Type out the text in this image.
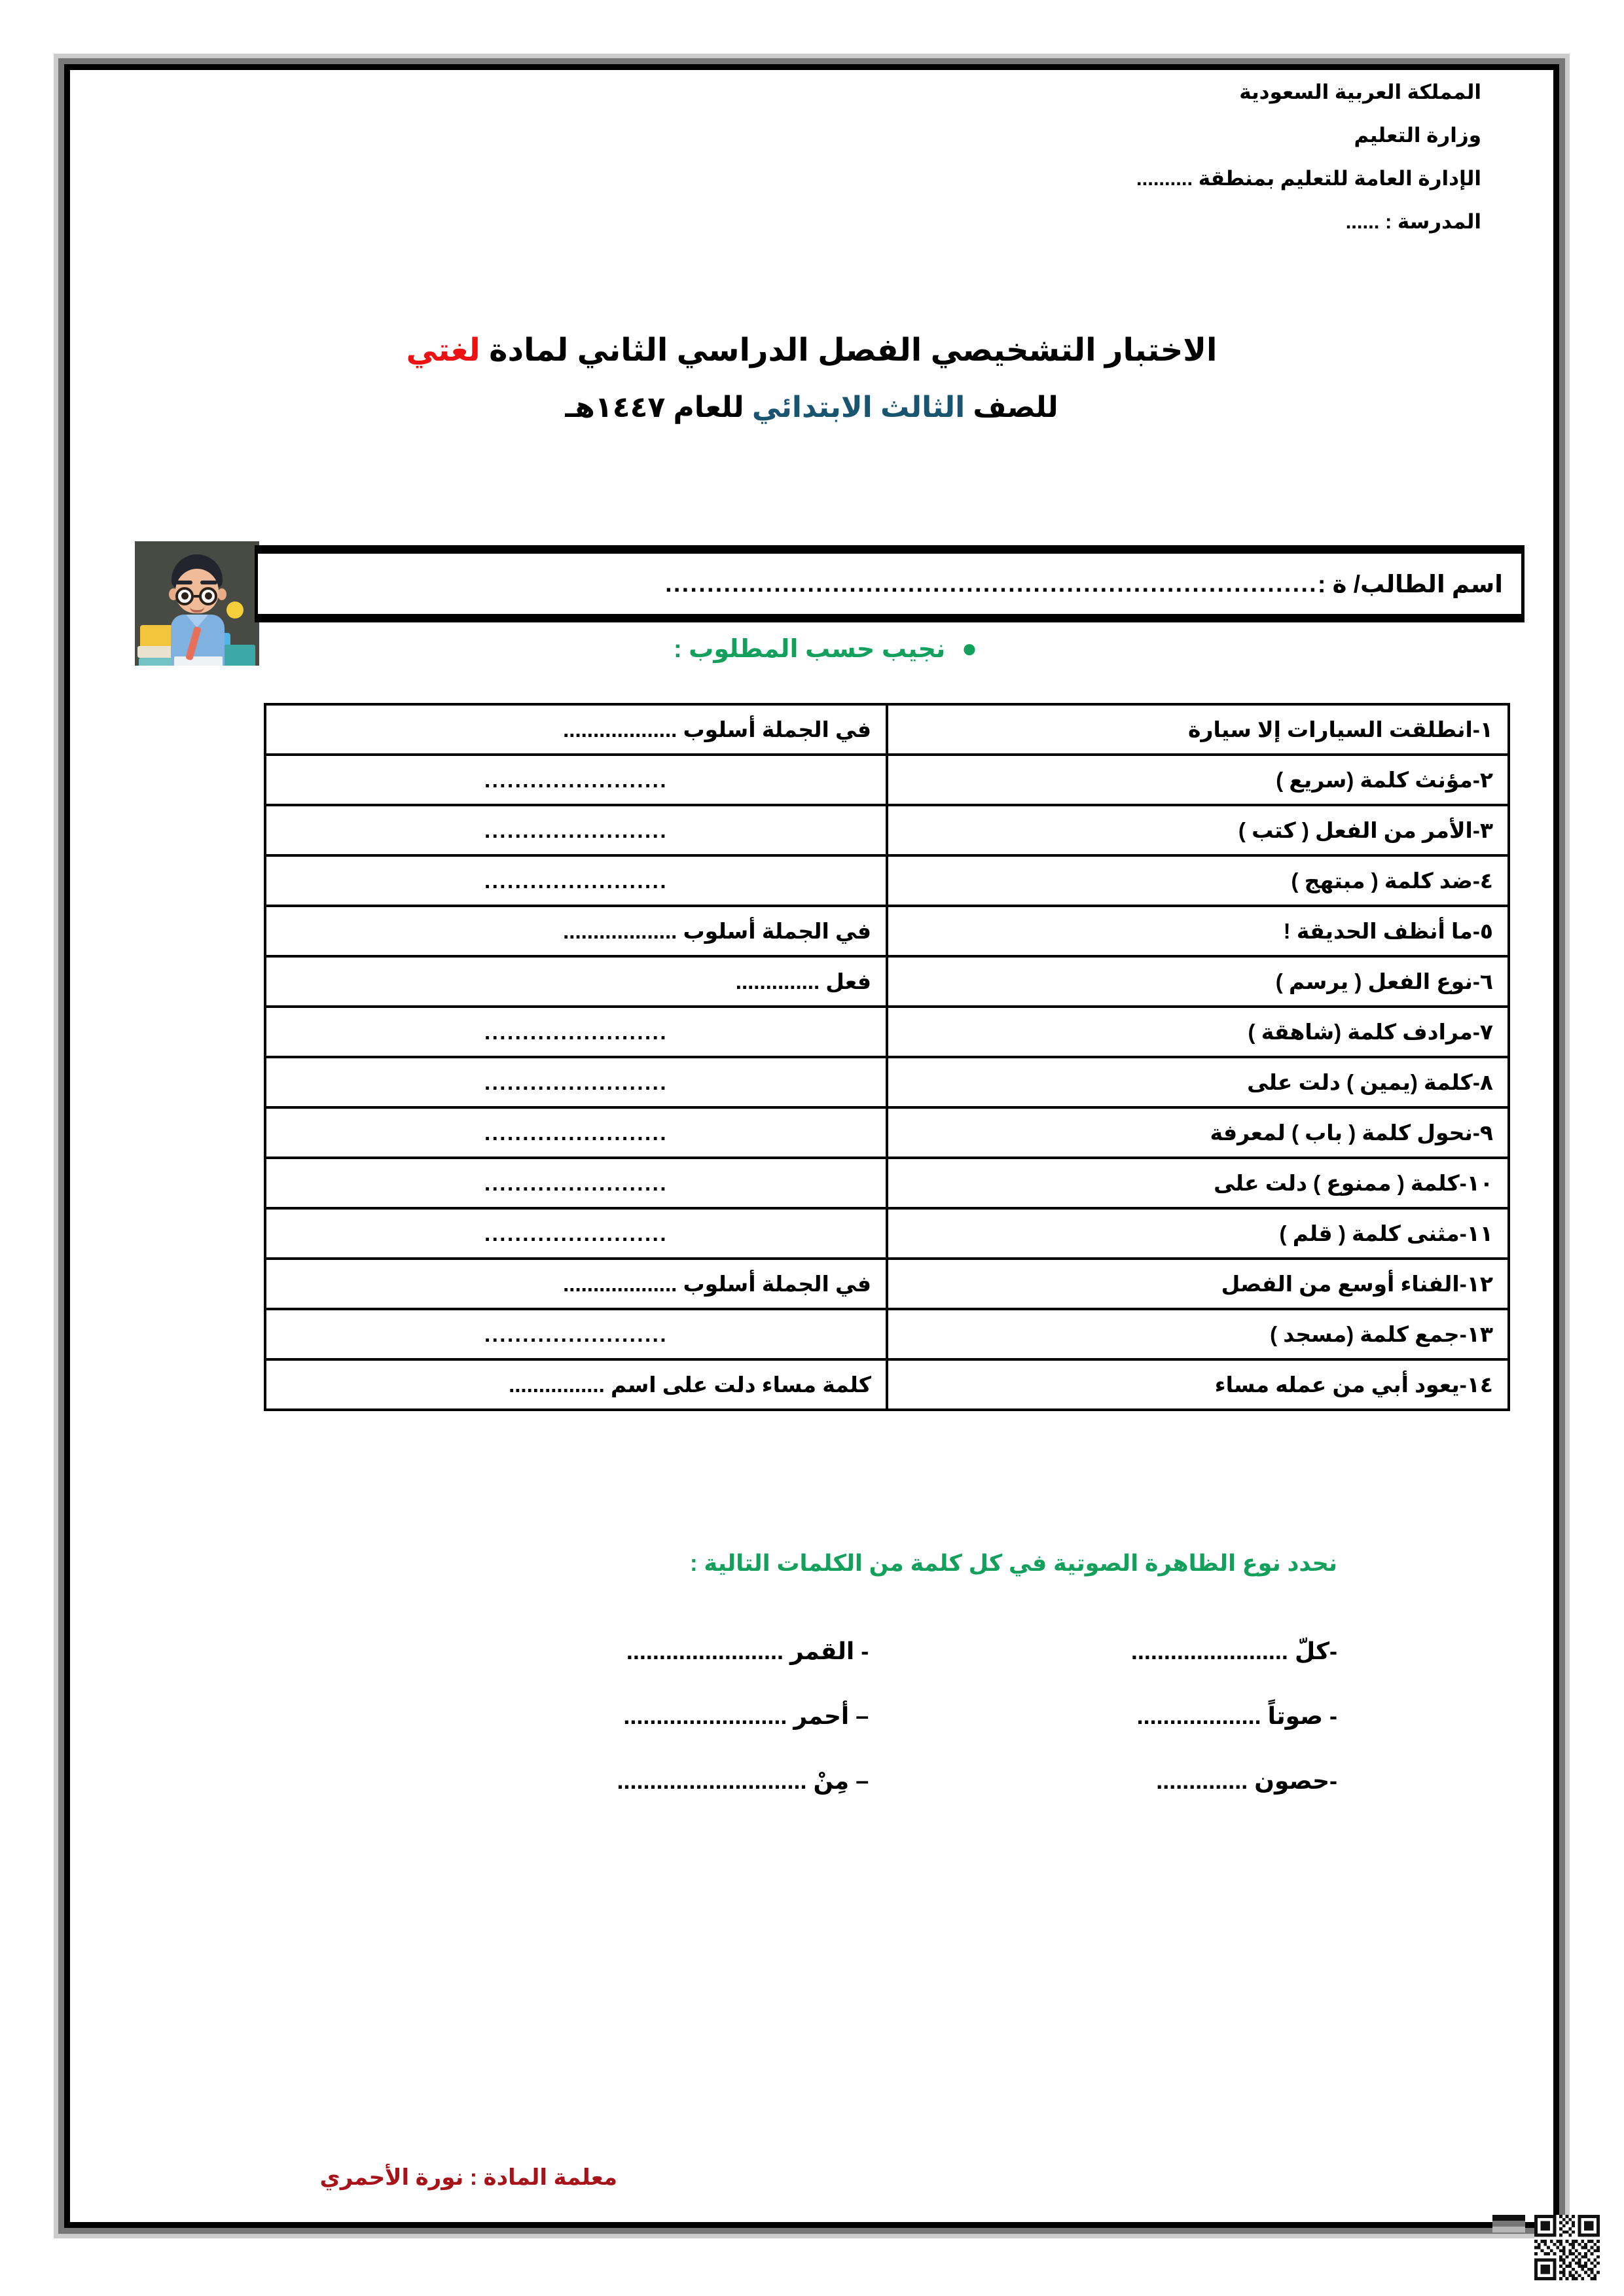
المملكة العربية السعودية
وزارة التعليم
الإدارة العامة للتعليم بمنطقة ..........
المدرسة : ......
الاختبار التشخيصي الفصل الدراسي الثاني لمادة لغتي
للصف الثالث الابتدائي للعام ١٤٤٧هـ
اسم الطالب/ ة :
..............................................................................
● نجيب حسب المطلوب :
١-انطلقت السيارات إلا سيارة	في الجملة أسلوب ...................
٢-مؤنث كلمة (سريع )	........................
٣-الأمر من الفعل ( كتب )	........................
٤-ضد كلمة ( مبتهج )	........................
٥-ما أنظف الحديقة !	في الجملة أسلوب ...................
٦-نوع الفعل ( يرسم )	فعل ..............
٧-مرادف كلمة (شاهقة )	........................
٨-كلمة (يمين ) دلت على	........................
٩-نحول كلمة ( باب ) لمعرفة	........................
١٠-كلمة ( ممنوع ) دلت على	........................
١١-مثنى كلمة ( قلم )	........................
١٢-الفناء أوسع من الفصل	في الجملة أسلوب ...................
١٣-جمع كلمة (مسجد )	........................
١٤-يعود أبي من عمله مساء	كلمة مساء دلت على اسم ................
نحدد نوع الظاهرة الصوتية في كل كلمة من الكلمات التالية :
-كلّ ........................
- القمر ........................
- صوتاً ...................
– أحمر .........................
-حصون ..............
– مِنْ .............................
معلمة المادة : نورة الأحمري
